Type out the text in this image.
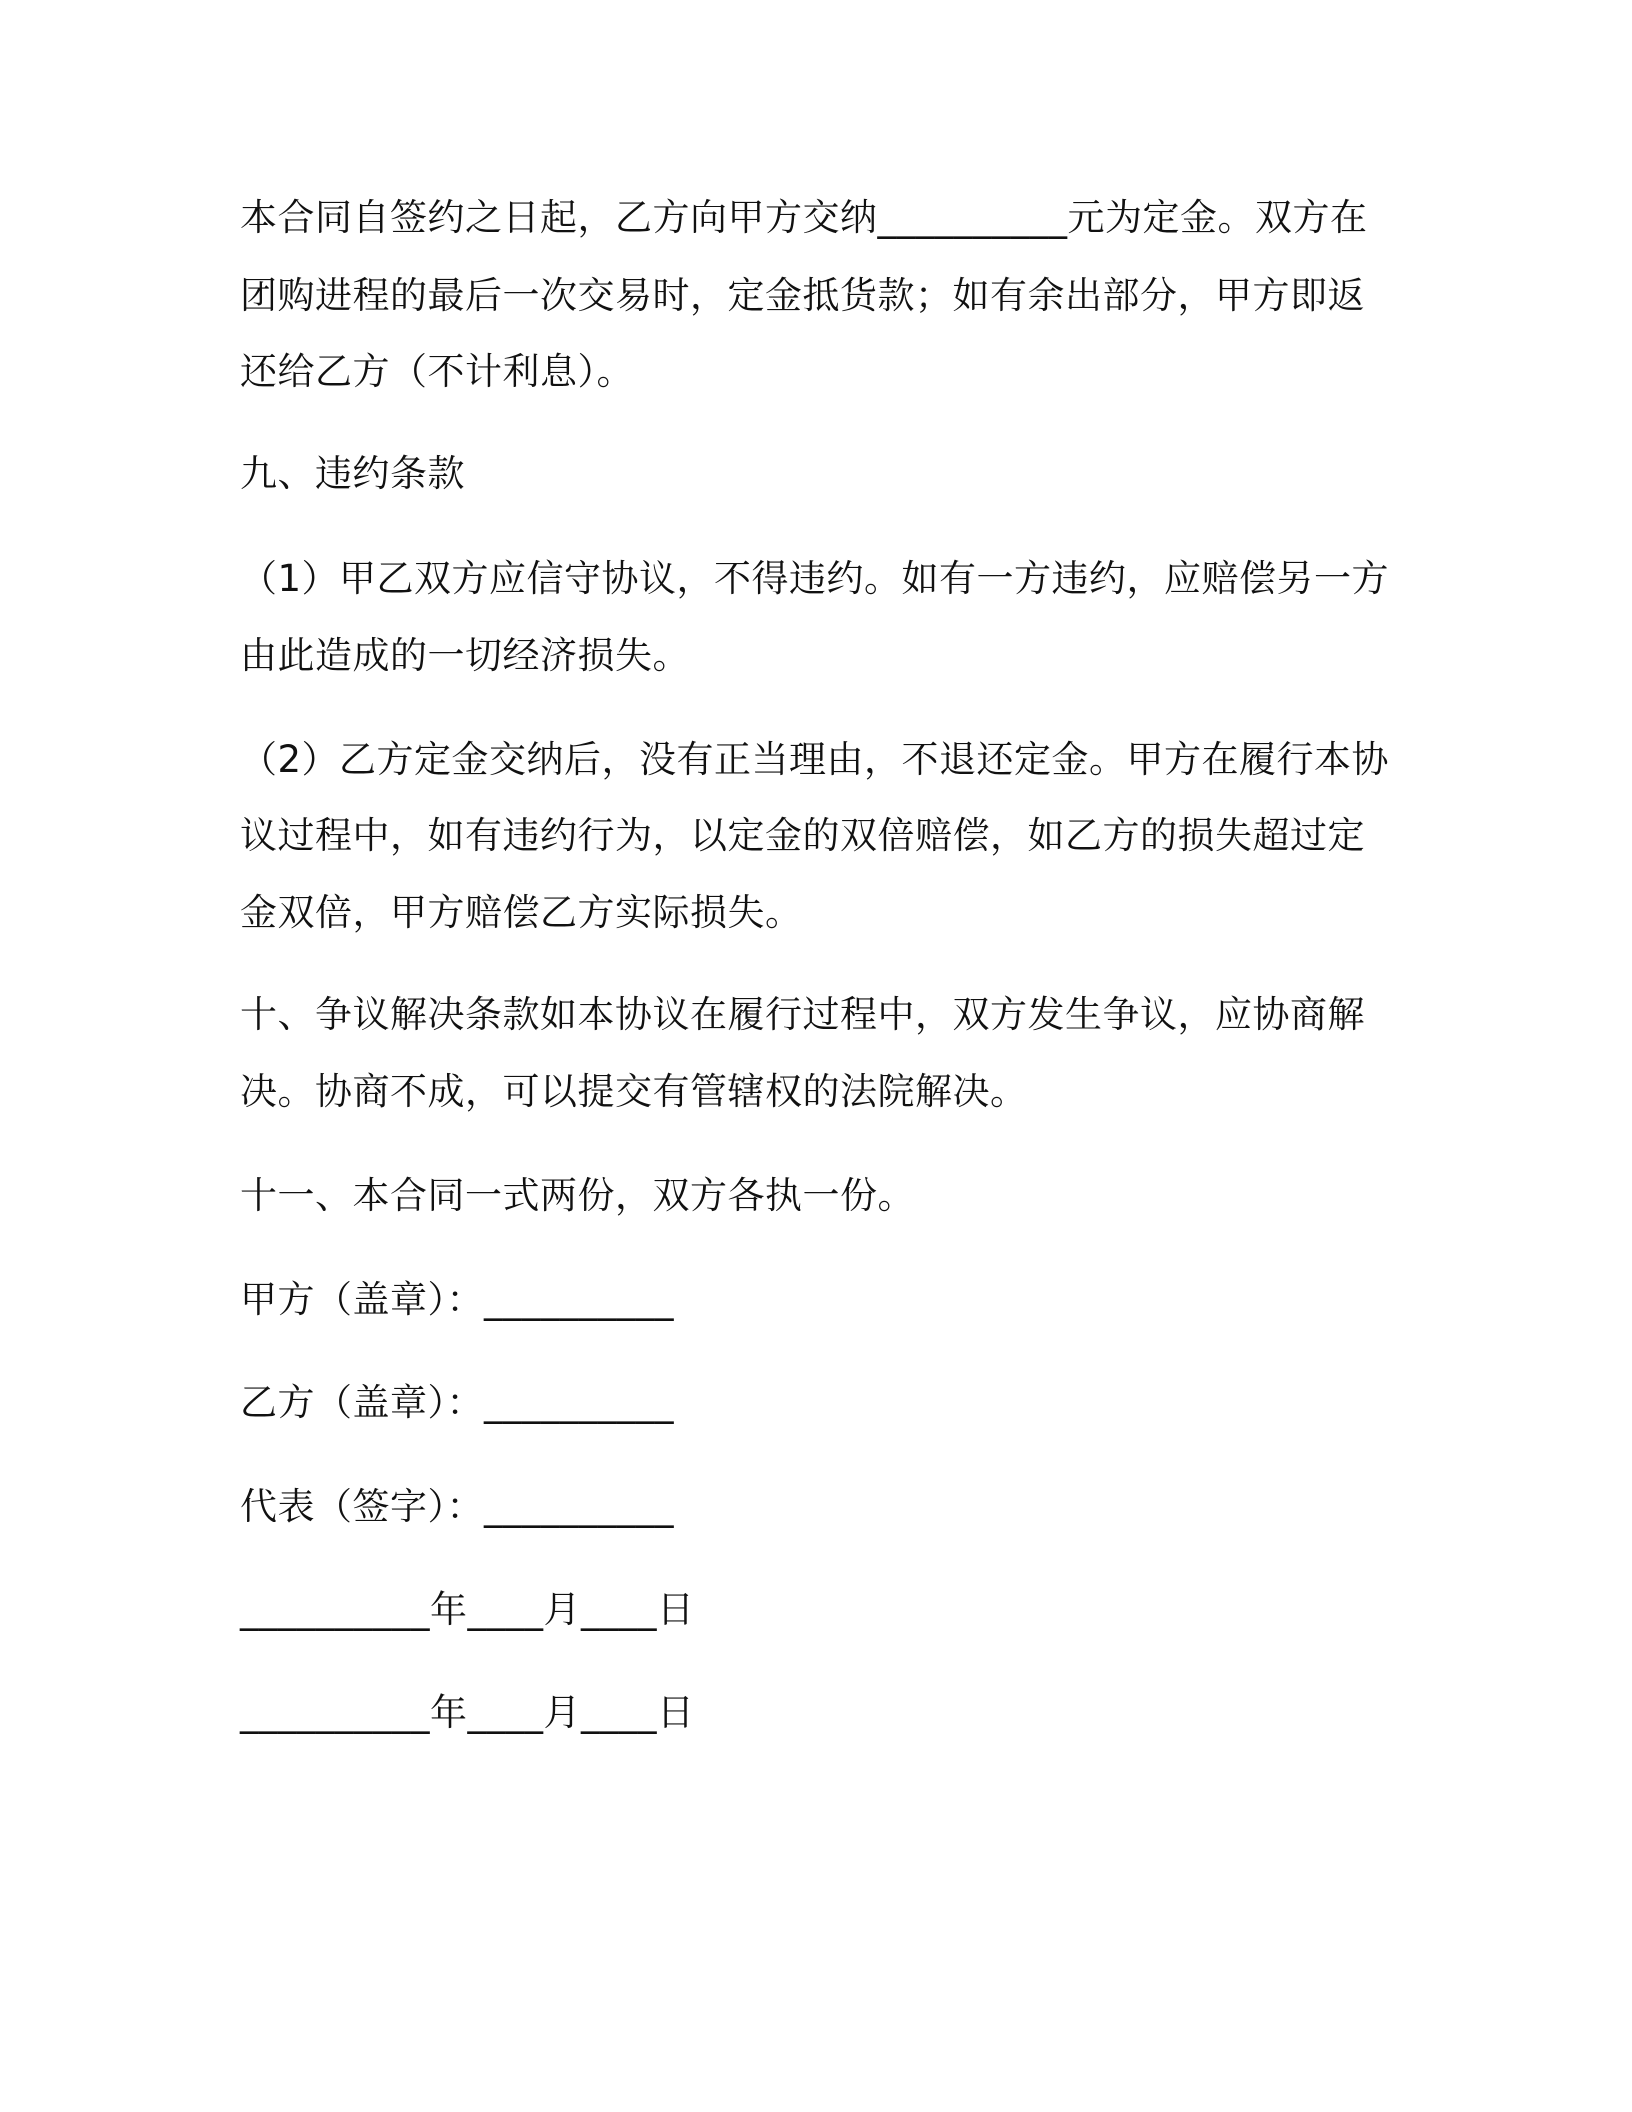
本合同自签约之日起，乙方向甲方交纳__________元为定金。双方在
团购进程的最后一次交易时，定金抵货款；如有余出部分，甲方即返
还给乙方（不计利息）。
九、违约条款
（1）甲乙双方应信守协议，不得违约。如有一方违约，应赔偿另一方
由此造成的一切经济损失。
（2）乙方定金交纳后，没有正当理由，不退还定金。甲方在履行本协
议过程中，如有违约行为，以定金的双倍赔偿，如乙方的损失超过定
金双倍，甲方赔偿乙方实际损失。
十、争议解决条款如本协议在履行过程中，双方发生争议，应协商解
决。协商不成，可以提交有管辖权的法院解决。
十一、本合同一式两份，双方各执一份。
甲方（盖章）：__________
乙方（盖章）：__________
代表（签字）：__________
__________年____月____日
__________年____月____日
